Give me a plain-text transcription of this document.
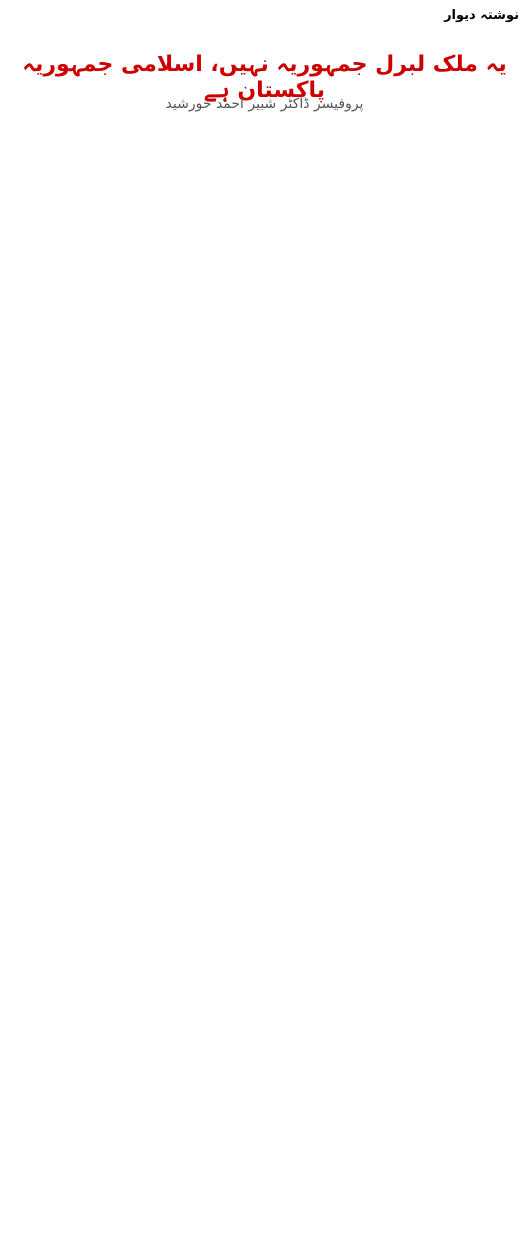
نوشتہ دیوار
یہ ملک لبرل جمہوریہ نہیں، اسلامی جمہوریہ پاکستان ہے
پروفیسر ڈاکٹر شبیر احمد خورشید
